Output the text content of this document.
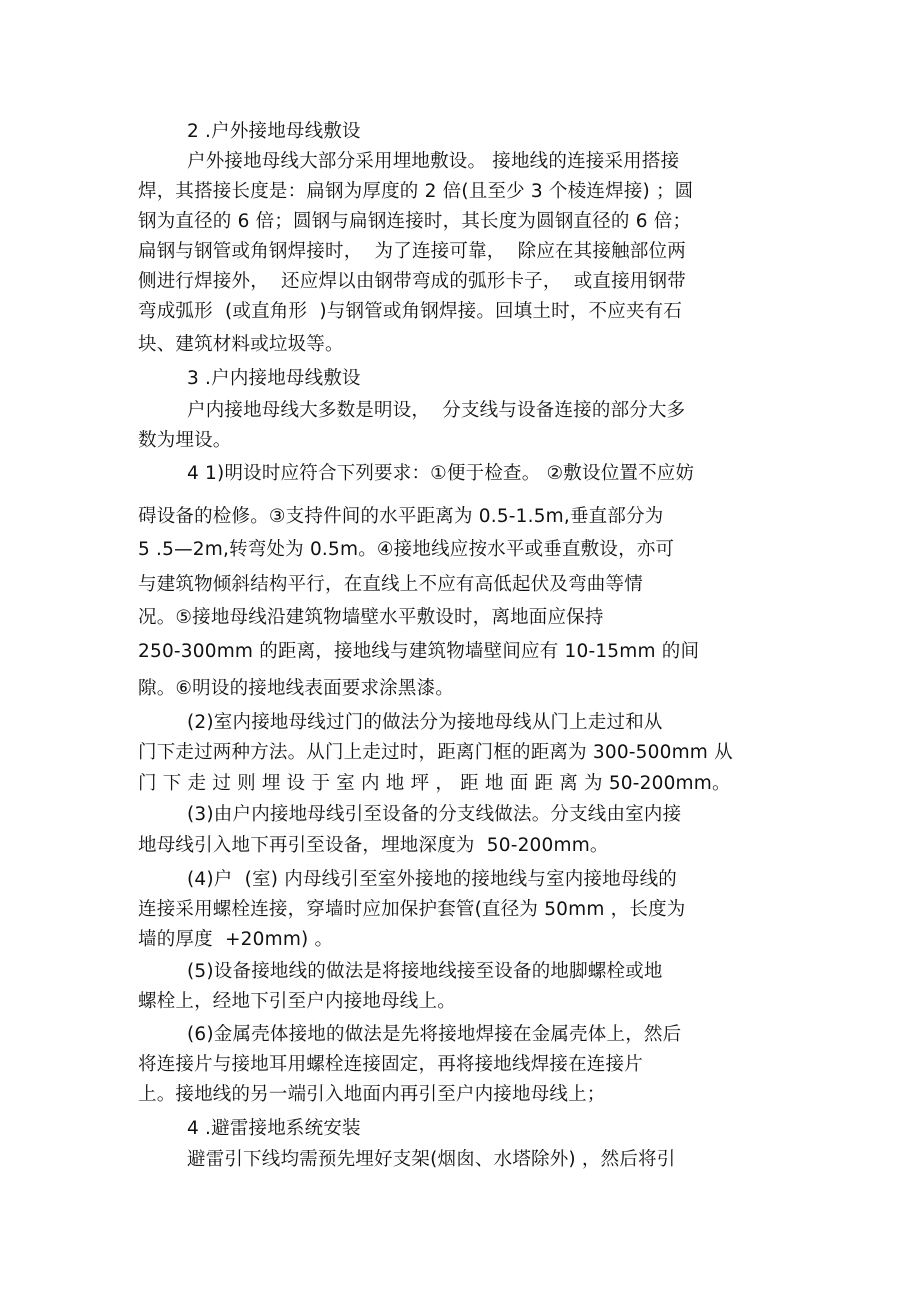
2 .户外接地母线敷设
户外接地母线大部分采用埋地敷设。 接地线的连接采用搭接
焊，其搭接长度是：扁钢为厚度的 2 倍(且至少 3 个棱连焊接) ；圆
钢为直径的 6 倍；圆钢与扁钢连接时，其长度为圆钢直径的 6 倍；
扁钢与钢管或角钢焊接时，  为了连接可靠，  除应在其接触部位两
侧进行焊接外，  还应焊以由钢带弯成的弧形卡子，  或直接用钢带
弯成弧形  (或直角形  )与钢管或角钢焊接。回填土时，不应夹有石
块、建筑材料或垃圾等。
3 .户内接地母线敷设
户内接地母线大多数是明设，  分支线与设备连接的部分大多
数为埋设。
4 1)明设时应符合下列要求：①便于检查。 ②敷设位置不应妨
碍设备的检修。③支持件间的水平距离为 0.5-1.5m,垂直部分为
5 .5—2m,转弯处为 0.5m。④接地线应按水平或垂直敷设，亦可
与建筑物倾斜结构平行，在直线上不应有高低起伏及弯曲等情
况。⑤接地母线沿建筑物墙壁水平敷设时，离地面应保持
250-300mm 的距离，接地线与建筑物墙壁间应有 10-15mm 的间
隙。⑥明设的接地线表面要求涂黑漆。
(2)室内接地母线过门的做法分为接地母线从门上走过和从
门下走过两种方法。从门上走过时，距离门框的距离为 300-500mm 从
门 下 走 过 则 埋 设 于 室 内 地 坪 ， 距 地 面 距 离 为 50-200mm。
(3)由户内接地母线引至设备的分支线做法。分支线由室内接
地母线引入地下再引至设备，埋地深度为  50-200mm。
(4)户  (室) 内母线引至室外接地的接地线与室内接地母线的
连接采用螺栓连接，穿墙时应加保护套管(直径为 50mm ，长度为
墙的厚度  +20mm) 。
(5)设备接地线的做法是将接地线接至设备的地脚螺栓或地
螺栓上，经地下引至户内接地母线上。
(6)金属壳体接地的做法是先将接地焊接在金属壳体上，然后
将连接片与接地耳用螺栓连接固定，再将接地线焊接在连接片
上。接地线的另一端引入地面内再引至户内接地母线上；
4 .避雷接地系统安装
避雷引下线均需预先埋好支架(烟囱、水塔除外) ，然后将引
